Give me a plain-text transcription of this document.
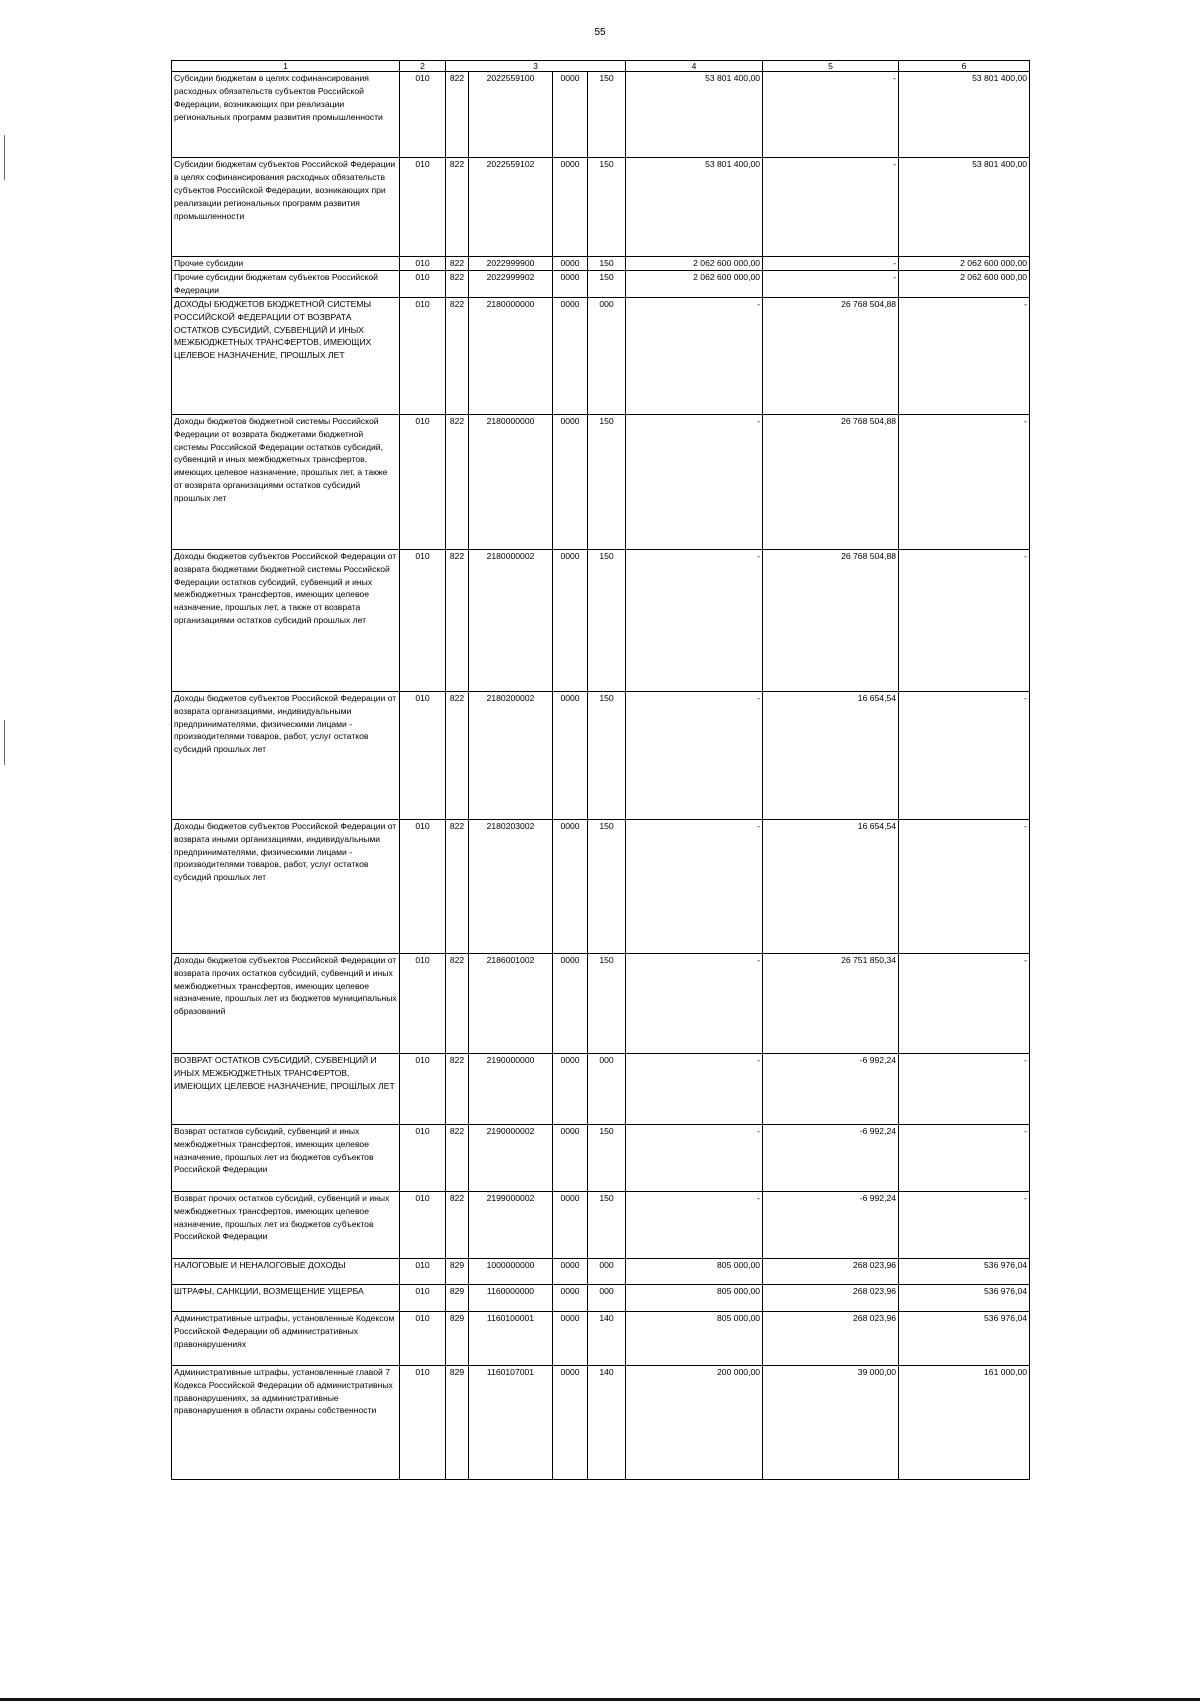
55
1	2	3				4	5	6
Субсидии бюджетам в целях софинансирования расходных обязательств субъектов Российской Федерации, возникающих при реализации региональных программ развития промышленности	010	822	2022559100	0000	150	53 801 400,00	-	53 801 400,00
Субсидии бюджетам субъектов Российской Федерации в целях софинансирования расходных обязательств субъектов Российской Федерации, возникающих при реализации региональных программ развития промышленности	010	822	2022559102	0000	150	53 801 400,00	-	53 801 400,00
Прочие субсидии	010	822	2022999900	0000	150	2 062 600 000,00	-	2 062 600 000,00
Прочие субсидии бюджетам субъектов Российской Федерации	010	822	2022999902	0000	150	2 062 600 000,00	-	2 062 600 000,00
ДОХОДЫ БЮДЖЕТОВ БЮДЖЕТНОЙ СИСТЕМЫ РОССИЙСКОЙ ФЕДЕРАЦИИ ОТ ВОЗВРАТА ОСТАТКОВ СУБСИДИЙ, СУБВЕНЦИЙ И ИНЫХ МЕЖБЮДЖЕТНЫХ ТРАНСФЕРТОВ, ИМЕЮЩИХ ЦЕЛЕВОЕ НАЗНАЧЕНИЕ, ПРОШЛЫХ ЛЕТ	010	822	2180000000	0000	000	-	26 768 504,88	-
Доходы бюджетов бюджетной системы Российской Федерации от возврата бюджетами бюджетной системы Российской Федерации остатков субсидий, субвенций и иных межбюджетных трансфертов, имеющих целевое назначение, прошлых лет, а также от возврата организациями остатков субсидий прошлых лет	010	822	2180000000	0000	150	-	26 768 504,88	-
Доходы бюджетов субъектов Российской Федерации от возврата бюджетами бюджетной системы Российской Федерации остатков субсидий, субвенций и иных межбюджетных трансфертов, имеющих целевое назначение, прошлых лет, а также от возврата организациями остатков субсидий прошлых лет	010	822	2180000002	0000	150	-	26 768 504,88	-
Доходы бюджетов субъектов Российской Федерации от возврата организациями, индивидуальными предпринимателями, физическими лицами - производителями товаров, работ, услуг остатков субсидий прошлых лет	010	822	2180200002	0000	150	-	16 654,54	-
Доходы бюджетов субъектов Российской Федерации от возврата иными организациями, индивидуальными предпринимателями, физическими лицами - производителями товаров, работ, услуг остатков субсидий прошлых лет	010	822	2180203002	0000	150	-	16 654,54	-
Доходы бюджетов субъектов Российской Федерации от возврата прочих остатков субсидий, субвенций и иных межбюджетных трансфертов, имеющих целевое назначение, прошлых лет из бюджетов муниципальных образований	010	822	2186001002	0000	150	-	26 751 850,34	-
ВОЗВРАТ ОСТАТКОВ СУБСИДИЙ, СУБВЕНЦИЙ И ИНЫХ МЕЖБЮДЖЕТНЫХ ТРАНСФЕРТОВ, ИМЕЮЩИХ ЦЕЛЕВОЕ НАЗНАЧЕНИЕ, ПРОШЛЫХ ЛЕТ	010	822	2190000000	0000	000	-	-6 992,24	-
Возврат остатков субсидий, субвенций и иных межбюджетных трансфертов, имеющих целевое назначение, прошлых лет из бюджетов субъектов Российской Федерации	010	822	2190000002	0000	150	-	-6 992,24	-
Возврат прочих остатков субсидий, субвенций и иных межбюджетных трансфертов, имеющих целевое назначение, прошлых лет из бюджетов субъектов Российской Федерации	010	822	2199000002	0000	150	-	-6 992,24	-
НАЛОГОВЫЕ И НЕНАЛОГОВЫЕ ДОХОДЫ	010	829	1000000000	0000	000	805 000,00	268 023,96	536 976,04
ШТРАФЫ, САНКЦИИ, ВОЗМЕЩЕНИЕ УЩЕРБА	010	829	1160000000	0000	000	805 000,00	268 023,96	536 976,04
Административные штрафы, установленные Кодексом Российской Федерации об административных правонарушениях	010	829	1160100001	0000	140	805 000,00	268 023,96	536 976,04
Административные штрафы, установленные главой 7 Кодекса Российской Федерации об административных правонарушениях, за административные правонарушения в области охраны собственности	010	829	1160107001	0000	140	200 000,00	39 000,00	161 000,00
